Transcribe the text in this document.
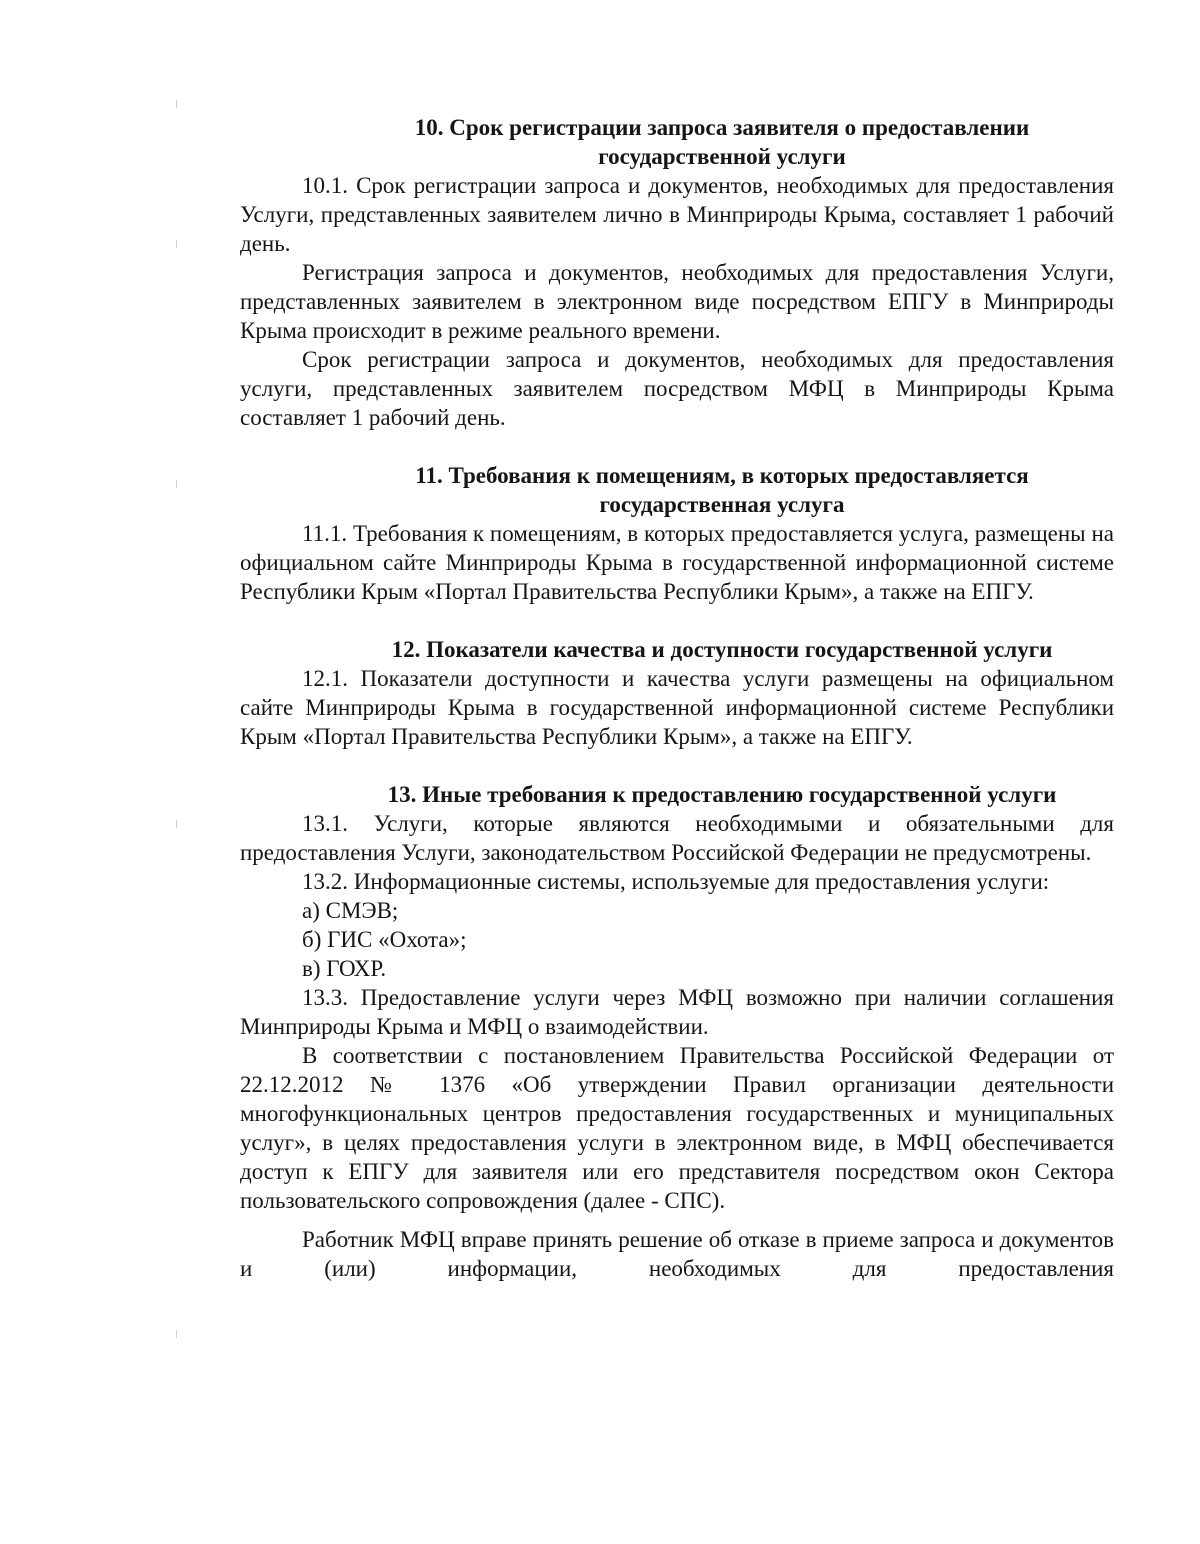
10. Срок регистрации запроса заявителя о предоставлении
государственной услуги

10.1. Срок регистрации запроса и документов, необходимых для предоставления Услуги, представленных заявителем лично в Минприроды Крыма, составляет 1 рабочий день.

Регистрация запроса и документов, необходимых для предоставления Услуги, представленных заявителем в электронном виде посредством ЕПГУ в Минприроды Крыма происходит в режиме реального времени.

Срок регистрации запроса и документов, необходимых для предоставления услуги, представленных заявителем посредством МФЦ в Минприроды Крыма составляет 1 рабочий день.

11. Требования к помещениям, в которых предоставляется
государственная услуга

11.1. Требования к помещениям, в которых предоставляется услуга, размещены на официальном сайте Минприроды Крыма в государственной информационной системе Республики Крым «Портал Правительства Республики Крым», а также на ЕПГУ.

12. Показатели качества и доступности государственной услуги

12.1. Показатели доступности и качества услуги размещены на официальном сайте Минприроды Крыма в государственной информационной системе Республики Крым «Портал Правительства Республики Крым», а также на ЕПГУ.

13. Иные требования к предоставлению государственной услуги

13.1. Услуги, которые являются необходимыми и обязательными для предоставления Услуги, законодательством Российской Федерации не предусмотрены.

13.2. Информационные системы, используемые для предоставления услуги:

а) СМЭВ;

б) ГИС «Охота»;

в) ГОХР.

13.3. Предоставление услуги через МФЦ возможно при наличии соглашения Минприроды Крыма и МФЦ о взаимодействии.

В соответствии с постановлением Правительства Российской Федерации от 22.12.2012 № 1376 «Об утверждении Правил организации деятельности многофункциональных центров предоставления государственных и муниципальных услуг», в целях предоставления услуги в электронном виде, в МФЦ обеспечивается доступ к ЕПГУ для заявителя или его представителя посредством окон Сектора пользовательского сопровождения (далее - СПС).

Работник МФЦ вправе принять решение об отказе в приеме запроса и документов и (или) информации, необходимых для предоставления
